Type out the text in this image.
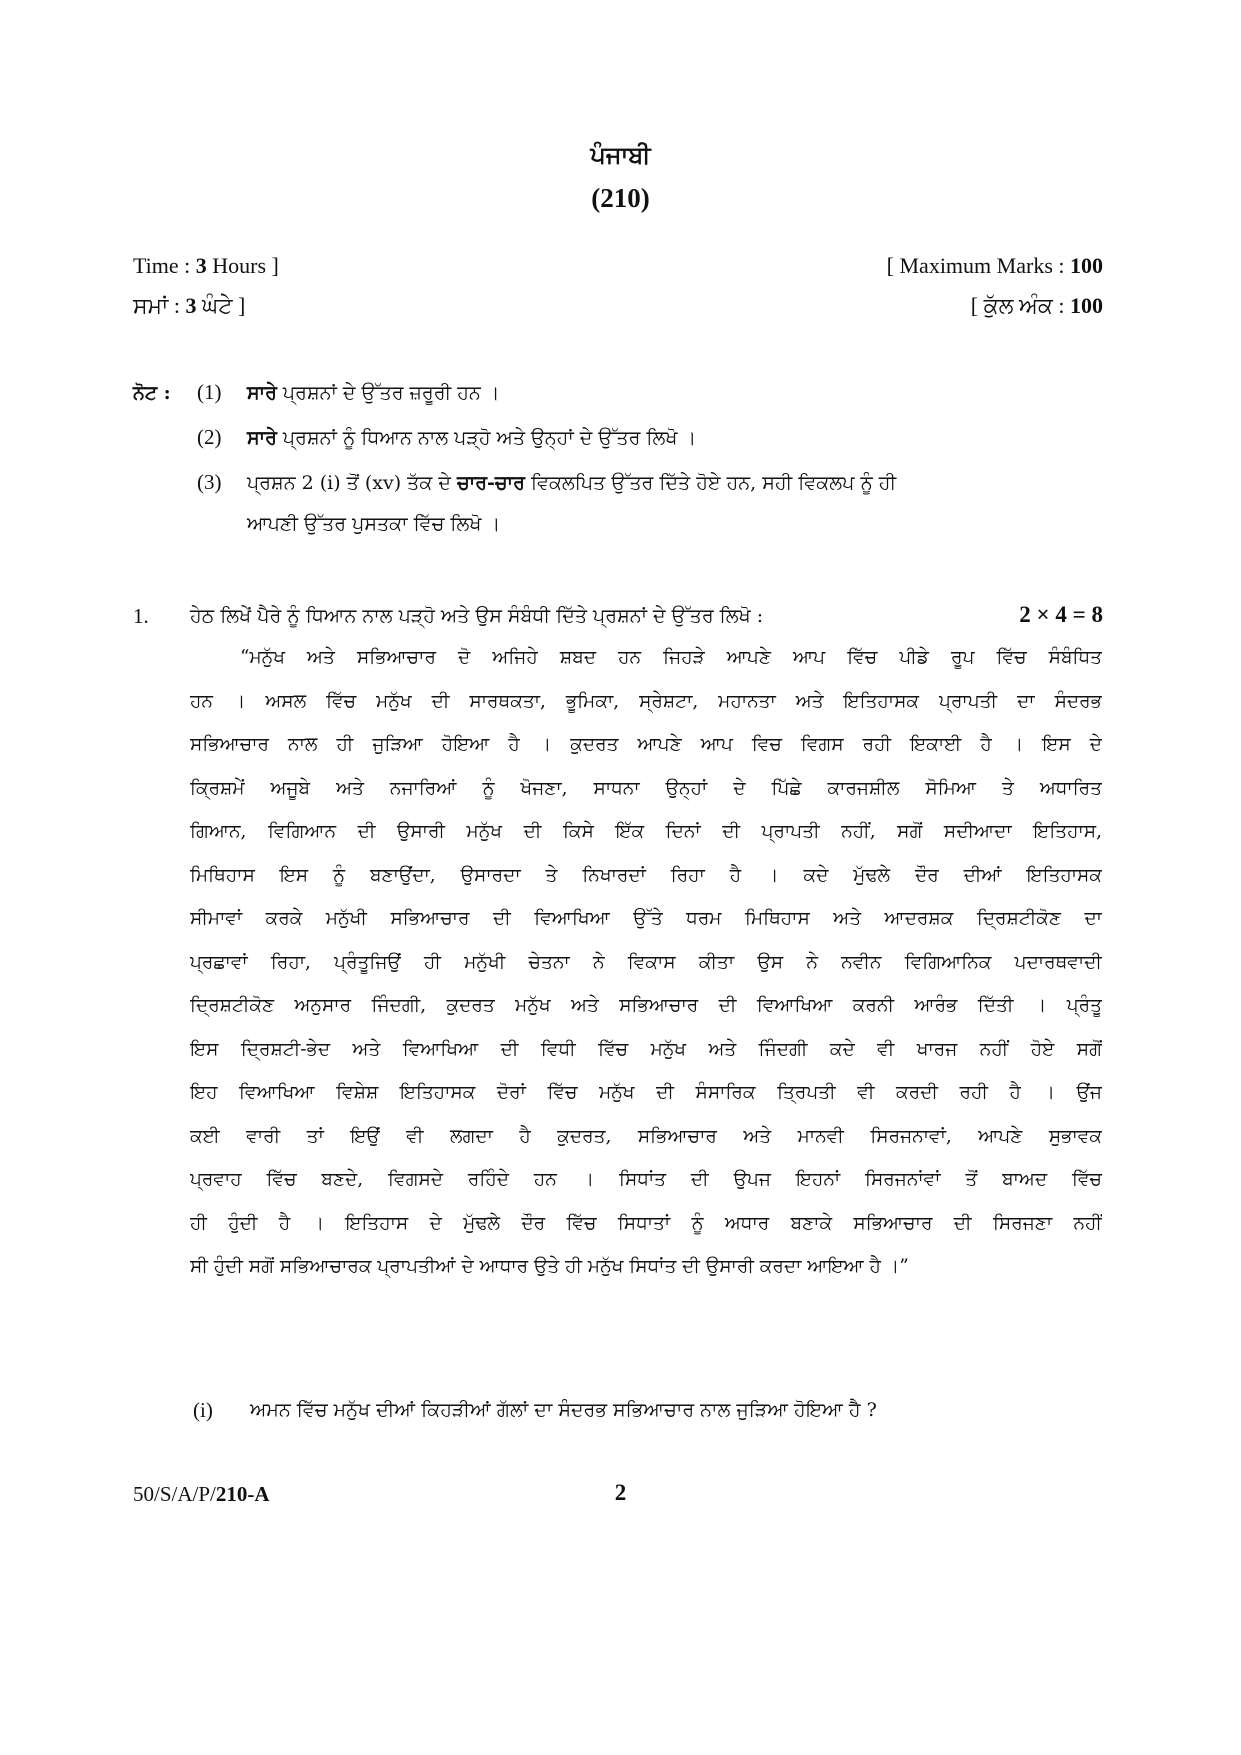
ਪੰਜਾਬੀ
(210)
Time : 3 Hours ]	[ Maximum Marks : 100
ਸਮਾਂ : 3 ਘੰਟੇ ]	[ ਕੁੱਲ ਅੰਕ : 100
ਨੋਟ : (1) ਸਾਰੇ ਪ੍ਰਸ਼ਨਾਂ ਦੇ ਉੱਤਰ ਜ਼ਰੂਰੀ ਹਨ ।
(2) ਸਾਰੇ ਪ੍ਰਸ਼ਨਾਂ ਨੂੰ ਧਿਆਨ ਨਾਲ ਪੜ੍ਹੋ ਅਤੇ ਉਨ੍ਹਾਂ ਦੇ ਉੱਤਰ ਲਿਖੋ ।
(3) ਪ੍ਰਸ਼ਨ 2 (i) ਤੋਂ (xv) ਤੱਕ ਦੇ ਚਾਰ-ਚਾਰ ਵਿਕਲਪਿਤ ਉੱਤਰ ਦਿੱਤੇ ਹੋਏ ਹਨ, ਸਹੀ ਵਿਕਲਪ ਨੂੰ ਹੀ
ਆਪਣੀ ਉੱਤਰ ਪੁਸਤਕਾ ਵਿੱਚ ਲਿਖੋ ।
1. ਹੇਠ ਲਿਖੇਂ ਪੈਰੇ ਨੂੰ ਧਿਆਨ ਨਾਲ ਪੜ੍ਹੋ ਅਤੇ ਉਸ ਸੰਬੰਧੀ ਦਿੱਤੇ ਪ੍ਰਸ਼ਨਾਂ ਦੇ ਉੱਤਰ ਲਿਖੋ :	2 × 4 = 8
“ਮਨੁੱਖ ਅਤੇ ਸਭਿਆਚਾਰ ਦੋ ਅਜਿਹੇ ਸ਼ਬਦ ਹਨ ਜਿਹੜੇ ਆਪਣੇ ਆਪ ਵਿੱਚ ਪੀਡੇ ਰੂਪ ਵਿੱਚ ਸੰਬੰਧਿਤ
ਹਨ । ਅਸਲ ਵਿੱਚ ਮਨੁੱਖ ਦੀ ਸਾਰਥਕਤਾ, ਭੂਮਿਕਾ, ਸ੍ਰੇਸ਼ਟਾ, ਮਹਾਨਤਾ ਅਤੇ ਇਤਿਹਾਸਕ ਪ੍ਰਾਪਤੀ ਦਾ ਸੰਦਰਭ
ਸਭਿਆਚਾਰ ਨਾਲ ਹੀ ਜੁੜਿਆ ਹੋਇਆ ਹੈ । ਕੁਦਰਤ ਆਪਣੇ ਆਪ ਵਿਚ ਵਿਗਸ ਰਹੀ ਇਕਾਈ ਹੈ । ਇਸ ਦੇ
ਕ੍ਰਿਸ਼ਮੇਂ ਅਜੂਬੇ ਅਤੇ ਨਜਾਰਿਆਂ ਨੂੰ ਖੋਜਣਾ, ਸਾਧਨਾ ਉਨ੍ਹਾਂ ਦੇ ਪਿੱਛੇ ਕਾਰਜਸ਼ੀਲ ਸੋਮਿਆ ਤੇ ਅਧਾਰਿਤ
ਗਿਆਨ, ਵਿਗਿਆਨ ਦੀ ਉਸਾਰੀ ਮਨੁੱਖ ਦੀ ਕਿਸੇ ਇੱਕ ਦਿਨਾਂ ਦੀ ਪ੍ਰਾਪਤੀ ਨਹੀਂ, ਸਗੋਂ ਸਦੀਆਦਾ ਇਤਿਹਾਸ,
ਮਿਥਿਹਾਸ ਇਸ ਨੂੰ ਬਣਾਉਂਦਾ, ਉਸਾਰਦਾ ਤੇ ਨਿਖਾਰਦਾਂ ਰਿਹਾ ਹੈ । ਕਦੇ ਮੁੱਢਲੇ ਦੌਰ ਦੀਆਂ ਇਤਿਹਾਸਕ
ਸੀਮਾਵਾਂ ਕਰਕੇ ਮਨੁੱਖੀ ਸਭਿਆਚਾਰ ਦੀ ਵਿਆਖਿਆ ਉੱਤੇ ਧਰਮ ਮਿਥਿਹਾਸ ਅਤੇ ਆਦਰਸ਼ਕ ਦ੍ਰਿਸ਼ਟੀਕੋਣ ਦਾ
ਪ੍ਰਛਾਵਾਂ ਰਿਹਾ, ਪ੍ਰੰਤੂਜਿਉਂ ਹੀ ਮਨੁੱਖੀ ਚੇਤਨਾ ਨੇ ਵਿਕਾਸ ਕੀਤਾ ਉਸ ਨੇ ਨਵੀਨ ਵਿਗਿਆਨਿਕ ਪਦਾਰਥਵਾਦੀ
ਦ੍ਰਿਸ਼ਟੀਕੋਣ ਅਨੁਸਾਰ ਜਿੰਦਗੀ, ਕੁਦਰਤ ਮਨੁੱਖ ਅਤੇ ਸਭਿਆਚਾਰ ਦੀ ਵਿਆਖਿਆ ਕਰਨੀ ਆਰੰਭ ਦਿੱਤੀ । ਪ੍ਰੰਤੂ
ਇਸ ਦ੍ਰਿਸ਼ਟੀ-ਭੇਦ ਅਤੇ ਵਿਆਖਿਆ ਦੀ ਵਿਧੀ ਵਿੱਚ ਮਨੁੱਖ ਅਤੇ ਜਿੰਦਗੀ ਕਦੇ ਵੀ ਖਾਰਜ ਨਹੀਂ ਹੋਏ ਸਗੋਂ
ਇਹ ਵਿਆਖਿਆ ਵਿਸ਼ੇਸ਼ ਇਤਿਹਾਸਕ ਦੋਰਾਂ ਵਿੱਚ ਮਨੁੱਖ ਦੀ ਸੰਸਾਰਿਕ ਤ੍ਰਿਪਤੀ ਵੀ ਕਰਦੀ ਰਹੀ ਹੈ । ਉਂਜ
ਕਈ ਵਾਰੀ ਤਾਂ ਇਉਂ ਵੀ ਲਗਦਾ ਹੈ ਕੁਦਰਤ, ਸਭਿਆਚਾਰ ਅਤੇ ਮਾਨਵੀ ਸਿਰਜਨਾਵਾਂ, ਆਪਣੇ ਸੁਭਾਵਕ
ਪ੍ਰਵਾਹ ਵਿੱਚ ਬਣਦੇ, ਵਿਗਸਦੇ ਰਹਿੰਦੇ ਹਨ । ਸਿਧਾਂਤ ਦੀ ਉਪਜ ਇਹਨਾਂ ਸਿਰਜਨਾਂਵਾਂ ਤੋਂ ਬਾਅਦ ਵਿੱਚ
ਹੀ ਹੁੰਦੀ ਹੈ । ਇਤਿਹਾਸ ਦੇ ਮੁੱਢਲੇ ਦੌਰ ਵਿੱਚ ਸਿਧਾਤਾਂ ਨੂੰ ਅਧਾਰ ਬਣਾਕੇ ਸਭਿਆਚਾਰ ਦੀ ਸਿਰਜਣਾ ਨਹੀਂ
ਸੀ ਹੁੰਦੀ ਸਗੋਂ ਸਭਿਆਚਾਰਕ ਪ੍ਰਾਪਤੀਆਂ ਦੇ ਆਧਾਰ ਉਤੇ ਹੀ ਮਨੁੱਖ ਸਿਧਾਂਤ ਦੀ ਉਸਾਰੀ ਕਰਦਾ ਆਇਆ ਹੈ ।”
(i) ਅਮਨ ਵਿੱਚ ਮਨੁੱਖ ਦੀਆਂ ਕਿਹੜੀਆਂ ਗੱਲਾਂ ਦਾ ਸੰਦਰਭ ਸਭਿਆਚਾਰ ਨਾਲ ਜੁੜਿਆ ਹੋਇਆ ਹੈ ?
50/S/A/P/210-A	2
